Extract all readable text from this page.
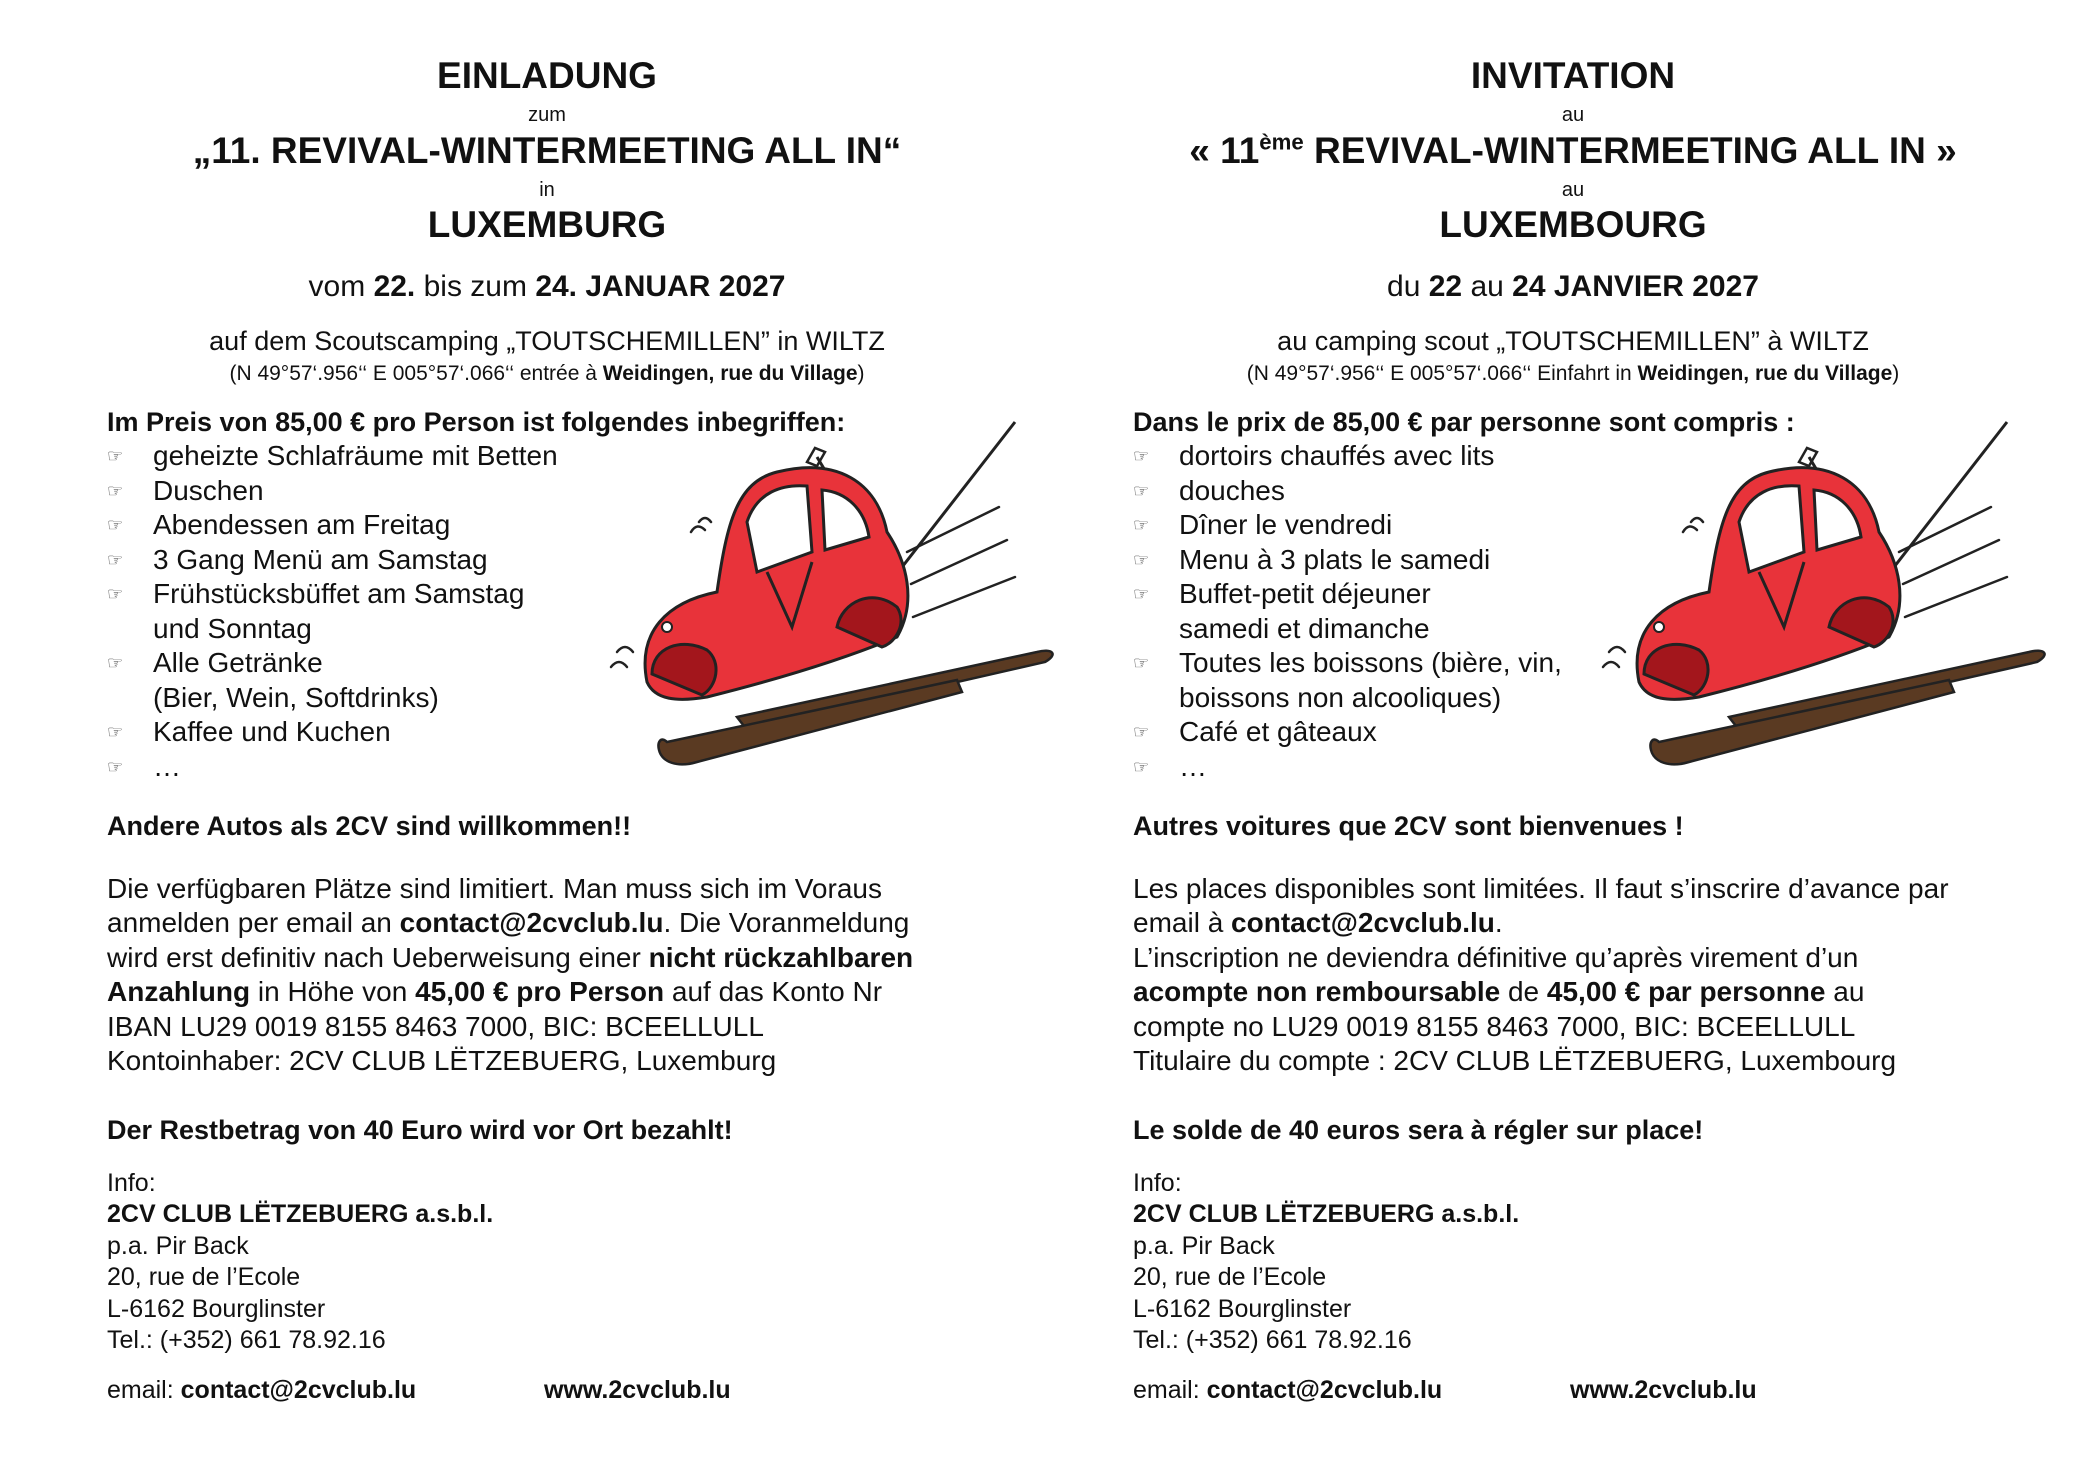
EINLADUNG
zum
„11. REVIVAL-WINTERMEETING ALL IN“
in
LUXEMBURG
vom 22. bis zum 24. JANUAR 2027
auf dem Scoutscamping „TOUTSCHEMILLEN” in WILTZ
(N 49°57‘.956‘‘ E 005°57‘.066‘‘ entrée à Weidingen, rue du Village)
Im Preis von 85,00 € pro Person ist folgendes inbegriffen:
☞ geheizte Schlafräume mit Betten
☞ Duschen
☞ Abendessen am Freitag
☞ 3 Gang Menü am Samstag
☞ Frühstücksbüffet am Samstag
und Sonntag
☞ Alle Getränke
(Bier, Wein, Softdrinks)
☞ Kaffee und Kuchen
☞ …
Andere Autos als 2CV sind willkommen!!
Die verfügbaren Plätze sind limitiert. Man muss sich im Voraus
anmelden per email an contact@2cvclub.lu. Die Voranmeldung
wird erst definitiv nach Ueberweisung einer nicht rückzahlbaren
Anzahlung in Höhe von 45,00 € pro Person auf das Konto Nr
IBAN LU29 0019 8155 8463 7000, BIC: BCEELLULL
Kontoinhaber: 2CV CLUB LËTZEBUERG, Luxemburg
Der Restbetrag von 40 Euro wird vor Ort bezahlt!
Info:
2CV CLUB LËTZEBUERG a.s.b.l.
p.a. Pir Back
20, rue de l’Ecole
L-6162 Bourglinster
Tel.: (+352) 661 78.92.16
email: contact@2cvclub.lu	www.2cvclub.lu
INVITATION
au
« 11ème REVIVAL-WINTERMEETING ALL IN »
au
LUXEMBOURG
du 22 au 24 JANVIER 2027
au camping scout „TOUTSCHEMILLEN” à WILTZ
(N 49°57‘.956‘‘ E 005°57‘.066‘‘ Einfahrt in Weidingen, rue du Village)
Dans le prix de 85,00 € par personne sont compris :
☞ dortoirs chauffés avec lits
☞ douches
☞ Dîner le vendredi
☞ Menu à 3 plats le samedi
☞ Buffet-petit déjeuner
samedi et dimanche
☞ Toutes les boissons (bière, vin,
boissons non alcooliques)
☞ Café et gâteaux
☞ …
Autres voitures que 2CV sont bienvenues !
Les places disponibles sont limitées. Il faut s’inscrire d’avance par
email à contact@2cvclub.lu.
L’inscription ne deviendra définitive qu’après virement d’un
acompte non remboursable de 45,00 € par personne au
compte no LU29 0019 8155 8463 7000, BIC: BCEELLULL
Titulaire du compte : 2CV CLUB LËTZEBUERG, Luxembourg
Le solde de 40 euros sera à régler sur place!
Info:
2CV CLUB LËTZEBUERG a.s.b.l.
p.a. Pir Back
20, rue de l’Ecole
L-6162 Bourglinster
Tel.: (+352) 661 78.92.16
email: contact@2cvclub.lu	www.2cvclub.lu
